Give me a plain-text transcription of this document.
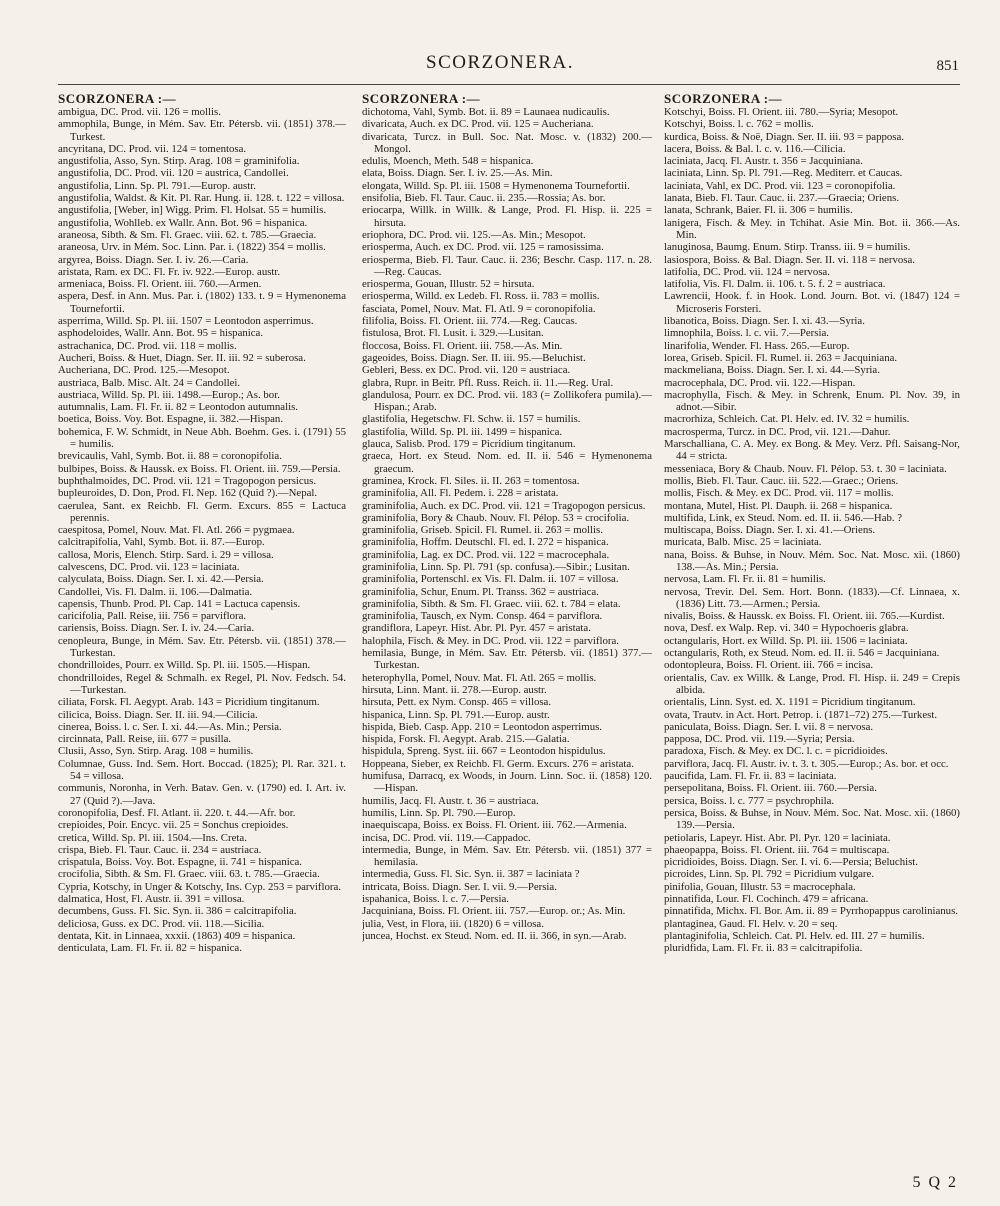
SCORZONERA.	851
SCORZONERA :—
ambigua, DC. Prod. vii. 126 = mollis.
ammophila, Bunge, in Mém. Sav. Etr. Pétersb. vii. (1851) 378.—Turkest.
ancyritana, DC. Prod. vii. 124 = tomentosa.
angustifolia, Asso, Syn. Stirp. Arag. 108 = graminifolia.
angustifolia, DC. Prod. vii. 120 = austrica, Candollei.
angustifolia, Linn. Sp. Pl. 791.—Europ. austr.
angustifolia, Waldst. & Kit. Pl. Rar. Hung. ii. 128. t. 122 = villosa.
angustifolia, [Weber, in] Wigg. Prim. Fl. Holsat. 55 = humilis.
angustifolia, Wohlleb. ex Wallr. Ann. Bot. 96 = hispanica.
araneosa, Sibth. & Sm. Fl. Graec. viii. 62. t. 785.—Graecia.
araneosa, Urv. in Mém. Soc. Linn. Par. i. (1822) 354 = mollis.
argyrea, Boiss. Diagn. Ser. I. iv. 26.—Caria.
aristata, Ram. ex DC. Fl. Fr. iv. 922.—Europ. austr.
armeniaca, Boiss. Fl. Orient. iii. 760.—Armen.
aspera, Desf. in Ann. Mus. Par. i. (1802) 133. t. 9 = Hymenonema Tournefortii.
asperrima, Willd. Sp. Pl. iii. 1507 = Leontodon asperrimus.
asphodeloides, Wallr. Ann. Bot. 95 = hispanica.
astrachanica, DC. Prod. vii. 118 = mollis.
Aucheri, Boiss. & Huet, Diagn. Ser. II. iii. 92 = suberosa.
Aucheriana, DC. Prod. 125.—Mesopot.
austriaca, Balb. Misc. Alt. 24 = Candollei.
austriaca, Willd. Sp. Pl. iii. 1498.—Europ.; As. bor.
autumnalis, Lam. Fl. Fr. ii. 82 = Leontodon autumnalis.
boetica, Boiss. Voy. Bot. Espagne, ii. 382.—Hispan.
bohemica, F. W. Schmidt, in Neue Abh. Boehm. Ges. i. (1791) 55 = humilis.
brevicaulis, Vahl, Symb. Bot. ii. 88 = coronopifolia.
bulbipes, Boiss. & Haussk. ex Boiss. Fl. Orient. iii. 759.—Persia.
buphthalmoides, DC. Prod. vii. 121 = Tragopogon persicus.
bupleuroides, D. Don, Prod. Fl. Nep. 162 (Quid ?).—Nepal.
caerulea, Sant. ex Reichb. Fl. Germ. Excurs. 855 = Lactuca perennis.
caespitosa, Pomel, Nouv. Mat. Fl. Atl. 266 = pygmaea.
calcitrapifolia, Vahl, Symb. Bot. ii. 87.—Europ.
callosa, Moris, Elench. Stirp. Sard. i. 29 = villosa.
calvescens, DC. Prod. vii. 123 = laciniata.
calyculata, Boiss. Diagn. Ser. I. xi. 42.—Persia.
Candollei, Vis. Fl. Dalm. ii. 106.—Dalmatia.
capensis, Thunb. Prod. Pl. Cap. 141 = Lactuca capensis.
caricifolia, Pall. Reise, iii. 756 = parviflora.
cariensis, Boiss. Diagn. Ser. I. iv. 24.—Caria.
cenopleura, Bunge, in Mém. Sav. Etr. Pétersb. vii. (1851) 378.—Turkestan.
chondrilloides, Pourr. ex Willd. Sp. Pl. iii. 1505.—Hispan.
chondrilloides, Regel & Schmalh. ex Regel, Pl. Nov. Fedsch. 54.—Turkestan.
ciliata, Forsk. Fl. Aegypt. Arab. 143 = Picridium tingitanum.
cilicica, Boiss. Diagn. Ser. II. iii. 94.—Cilicia.
cinerea, Boiss. l. c. Ser. I. xi. 44.—As. Min.; Persia.
circinnata, Pall. Reise, iii. 677 = pusilla.
Clusii, Asso, Syn. Stirp. Arag. 108 = humilis.
Columnae, Guss. Ind. Sem. Hort. Boccad. (1825); Pl. Rar. 321. t. 54 = villosa.
communis, Noronha, in Verh. Batav. Gen. v. (1790) ed. I. Art. iv. 27 (Quid ?).—Java.
coronopifolia, Desf. Fl. Atlant. ii. 220. t. 44.—Afr. bor.
crepioides, Poir. Encyc. vii. 25 = Sonchus crepioides.
cretica, Willd. Sp. Pl. iii. 1504.—Ins. Creta.
crispa, Bieb. Fl. Taur. Cauc. ii. 234 = austriaca.
crispatula, Boiss. Voy. Bot. Espagne, ii. 741 = hispanica.
crocifolia, Sibth. & Sm. Fl. Graec. viii. 63. t. 785.—Graecia.
Cypria, Kotschy, in Unger & Kotschy, Ins. Cyp. 253 = parviflora.
dalmatica, Host, Fl. Austr. ii. 391 = villosa.
decumbens, Guss. Fl. Sic. Syn. ii. 386 = calcitrapifolia.
deliciosa, Guss. ex DC. Prod. vii. 118.—Sicilia.
dentata, Kit. in Linnaea, xxxii. (1863) 409 = hispanica.
denticulata, Lam. Fl. Fr. ii. 82 = hispanica.
SCORZONERA :—
dichotoma, Vahl, Symb. Bot. ii. 89 = Launaea nudicaulis.
divaricata, Auch. ex DC. Prod. vii. 125 = Aucheriana.
divaricata, Turcz. in Bull. Soc. Nat. Mosc. v. (1832) 200.—Mongol.
edulis, Moench, Meth. 548 = hispanica.
elata, Boiss. Diagn. Ser. I. iv. 25.—As. Min.
elongata, Willd. Sp. Pl. iii. 1508 = Hymenonema Tournefortii.
ensifolia, Bieb. Fl. Taur. Cauc. ii. 235.—Rossia; As. bor.
eriocarpa, Willk. in Willk. & Lange, Prod. Fl. Hisp. ii. 225 = hirsuta.
eriophora, DC. Prod. vii. 125.—As. Min.; Mesopot.
eriosperma, Auch. ex DC. Prod. vii. 125 = ramosissima.
eriosperma, Bieb. Fl. Taur. Cauc. ii. 236; Beschr. Casp. 117. n. 28.—Reg. Caucas.
eriosperma, Gouan, Illustr. 52 = hirsuta.
eriosperma, Willd. ex Ledeb. Fl. Ross. ii. 783 = mollis.
fasciata, Pomel, Nouv. Mat. Fl. Atl. 9 = coronopifolia.
filifolia, Boiss. Fl. Orient. iii. 774.—Reg. Caucas.
fistulosa, Brot. Fl. Lusit. i. 329.—Lusitan.
floccosa, Boiss. Fl. Orient. iii. 758.—As. Min.
gageoides, Boiss. Diagn. Ser. II. iii. 95.—Beluchist.
Gebleri, Bess. ex DC. Prod. vii. 120 = austriaca.
glabra, Rupr. in Beitr. Pfl. Russ. Reich. ii. 11.—Reg. Ural.
glandulosa, Pourr. ex DC. Prod. vii. 183 (= Zollikofera pumila).—Hispan.; Arab.
glastifolia, Hegetschw. Fl. Schw. ii. 157 = humilis.
glastifolia, Willd. Sp. Pl. iii. 1499 = hispanica.
glauca, Salisb. Prod. 179 = Picridium tingitanum.
graeca, Hort. ex Steud. Nom. ed. II. ii. 546 = Hymenonema graecum.
graminea, Krock. Fl. Siles. ii. II. 263 = tomentosa.
graminifolia, All. Fl. Pedem. i. 228 = aristata.
graminifolia, Auch. ex DC. Prod. vii. 121 = Tragopogon persicus.
graminifolia, Bory & Chaub. Nouv. Fl. Pélop. 53 = crocifolia.
graminifolia, Griseb. Spicil. Fl. Rumel. ii. 263 = mollis.
graminifolia, Hoffm. Deutschl. Fl. ed. I. 272 = hispanica.
graminifolia, Lag. ex DC. Prod. vii. 122 = macrocephala.
graminifolia, Linn. Sp. Pl. 791 (sp. confusa).—Sibir.; Lusitan.
graminifolia, Portenschl. ex Vis. Fl. Dalm. ii. 107 = villosa.
graminifolia, Schur, Enum. Pl. Transs. 362 = austriaca.
graminifolia, Sibth. & Sm. Fl. Graec. viii. 62. t. 784 = elata.
graminifolia, Tausch, ex Nym. Consp. 464 = parviflora.
grandiflora, Lapeyr. Hist. Abr. Pl. Pyr. 457 = aristata.
halophila, Fisch. & Mey. in DC. Prod. vii. 122 = parviflora.
hemilasia, Bunge, in Mém. Sav. Etr. Pétersb. vii. (1851) 377.—Turkestan.
heterophylla, Pomel, Nouv. Mat. Fl. Atl. 265 = mollis.
hirsuta, Linn. Mant. ii. 278.—Europ. austr.
hirsuta, Pett. ex Nym. Consp. 465 = villosa.
hispanica, Linn. Sp. Pl. 791.—Europ. austr.
hispida, Bieb. Casp. App. 210 = Leontodon asperrimus.
hispida, Forsk. Fl. Aegypt. Arab. 215.—Galatia.
hispidula, Spreng. Syst. iii. 667 = Leontodon hispidulus.
Hoppeana, Sieber, ex Reichb. Fl. Germ. Excurs. 276 = aristata.
humifusa, Darracq, ex Woods, in Journ. Linn. Soc. ii. (1858) 120.—Hispan.
humilis, Jacq. Fl. Austr. t. 36 = austriaca.
humilis, Linn. Sp. Pl. 790.—Europ.
inaequiscapa, Boiss. ex Boiss. Fl. Orient. iii. 762.—Armenia.
incisa, DC. Prod. vii. 119.—Cappadoc.
intermedia, Bunge, in Mém. Sav. Etr. Pétersb. vii. (1851) 377 = hemilasia.
intermedia, Guss. Fl. Sic. Syn. ii. 387 = laciniata ?
intricata, Boiss. Diagn. Ser. I. vii. 9.—Persia.
ispahanica, Boiss. l. c. 7.—Persia.
Jacquiniana, Boiss. Fl. Orient. iii. 757.—Europ. or.; As. Min.
julia, Vest, in Flora, iii. (1820) 6 = villosa.
juncea, Hochst. ex Steud. Nom. ed. II. ii. 366, in syn.—Arab.
SCORZONERA :—
Kotschyi, Boiss. Fl. Orient. iii. 780.—Syria; Mesopot.
Kotschyi, Boiss. l. c. 762 = mollis.
kurdica, Boiss. & Noë, Diagn. Ser. II. iii. 93 = papposa.
lacera, Boiss. & Bal. l. c. v. 116.—Cilicia.
laciniata, Jacq. Fl. Austr. t. 356 = Jacquiniana.
laciniata, Linn. Sp. Pl. 791.—Reg. Mediterr. et Caucas.
laciniata, Vahl, ex DC. Prod. vii. 123 = coronopifolia.
lanata, Bieb. Fl. Taur. Cauc. ii. 237.—Graecia; Oriens.
lanata, Schrank, Baier. Fl. ii. 306 = humilis.
lanigera, Fisch. & Mey. in Tchihat. Asie Min. Bot. ii. 366.—As. Min.
lanuginosa, Baumg. Enum. Stirp. Transs. iii. 9 = humilis.
lasiospora, Boiss. & Bal. Diagn. Ser. II. vi. 118 = nervosa.
latifolia, DC. Prod. vii. 124 = nervosa.
latifolia, Vis. Fl. Dalm. ii. 106. t. 5. f. 2 = austriaca.
Lawrencii, Hook. f. in Hook. Lond. Journ. Bot. vi. (1847) 124 = Microseris Forsteri.
libanotica, Boiss. Diagn. Ser. I. xi. 43.—Syria.
limnophila, Boiss. l. c. vii. 7.—Persia.
linarifolia, Wender. Fl. Hass. 265.—Europ.
lorea, Griseb. Spicil. Fl. Rumel. ii. 263 = Jacquiniana.
mackmeliana, Boiss. Diagn. Ser. I. xi. 44.—Syria.
macrocephala, DC. Prod. vii. 122.—Hispan.
macrophylla, Fisch. & Mey. in Schrenk, Enum. Pl. Nov. 39, in adnot.—Sibir.
macrorhiza, Schleich. Cat. Pl. Helv. ed. IV. 32 = humilis.
macrosperma, Turcz. in DC. Prod, vii. 121.—Dahur.
Marschalliana, C. A. Mey. ex Bong. & Mey. Verz. Pfl. Saisang-Nor, 44 = stricta.
messeniaca, Bory & Chaub. Nouv. Fl. Pélop. 53. t. 30 = laciniata.
mollis, Bieb. Fl. Taur. Cauc. iii. 522.—Graec.; Oriens.
mollis, Fisch. & Mey. ex DC. Prod. vii. 117 = mollis.
montana, Mutel, Hist. Pl. Dauph. ii. 268 = hispanica.
multifida, Link, ex Steud. Nom. ed. II. ii. 546.—Hab. ?
multiscapa, Boiss. Diagn. Ser. I. xi. 41.—Oriens.
muricata, Balb. Misc. 25 = laciniata.
nana, Boiss. & Buhse, in Nouv. Mém. Soc. Nat. Mosc. xii. (1860) 138.—As. Min.; Persia.
nervosa, Lam. Fl. Fr. ii. 81 = humilis.
nervosa, Trevir. Del. Sem. Hort. Bonn. (1833).—Cf. Linnaea, x. (1836) Litt. 73.—Armen.; Persia.
nivalis, Boiss. & Haussk. ex Boiss. Fl. Orient. iii. 765.—Kurdist.
nova, Desf. ex Walp. Rep. vi. 340 = Hypochoeris glabra.
octangularis, Hort. ex Willd. Sp. Pl. iii. 1506 = laciniata.
octangularis, Roth, ex Steud. Nom. ed. II. ii. 546 = Jacquiniana.
odontopleura, Boiss. Fl. Orient. iii. 766 = incisa.
orientalis, Cav. ex Willk. & Lange, Prod. Fl. Hisp. ii. 249 = Crepis albida.
orientalis, Linn. Syst. ed. X. 1191 = Picridium tingitanum.
ovata, Trautv. in Act. Hort. Petrop. i. (1871–72) 275.—Turkest.
paniculata, Boiss. Diagn. Ser. I. vii. 8 = nervosa.
papposa, DC. Prod. vii. 119.—Syria; Persia.
paradoxa, Fisch. & Mey. ex DC. l. c. = picridioides.
parviflora, Jacq. Fl. Austr. iv. t. 3. t. 305.—Europ.; As. bor. et occ.
paucifida, Lam. Fl. Fr. ii. 83 = laciniata.
persepolitana, Boiss. Fl. Orient. iii. 760.—Persia.
persica, Boiss. l. c. 777 = psychrophila.
persica, Boiss. & Buhse, in Nouv. Mém. Soc. Nat. Mosc. xii. (1860) 139.—Persia.
petiolaris, Lapeyr. Hist. Abr. Pl. Pyr. 120 = laciniata.
phaeopappa, Boiss. Fl. Orient. iii. 764 = multiscapa.
picridioides, Boiss. Diagn. Ser. I. vi. 6.—Persia; Beluchist.
picroides, Linn. Sp. Pl. 792 = Picridium vulgare.
pinifolia, Gouan, Illustr. 53 = macrocephala.
pinnatifida, Lour. Fl. Cochinch. 479 = africana.
pinnatifida, Michx. Fl. Bor. Am. ii. 89 = Pyrrhopappus carolinianus.
plantaginea, Gaud. Fl. Helv. v. 20 = seq.
plantaginifolia, Schleich. Cat. Pl. Helv. ed. III. 27 = humilis.
pluridfida, Lam. Fl. Fr. ii. 83 = calcitrapifolia.
5 Q 2
